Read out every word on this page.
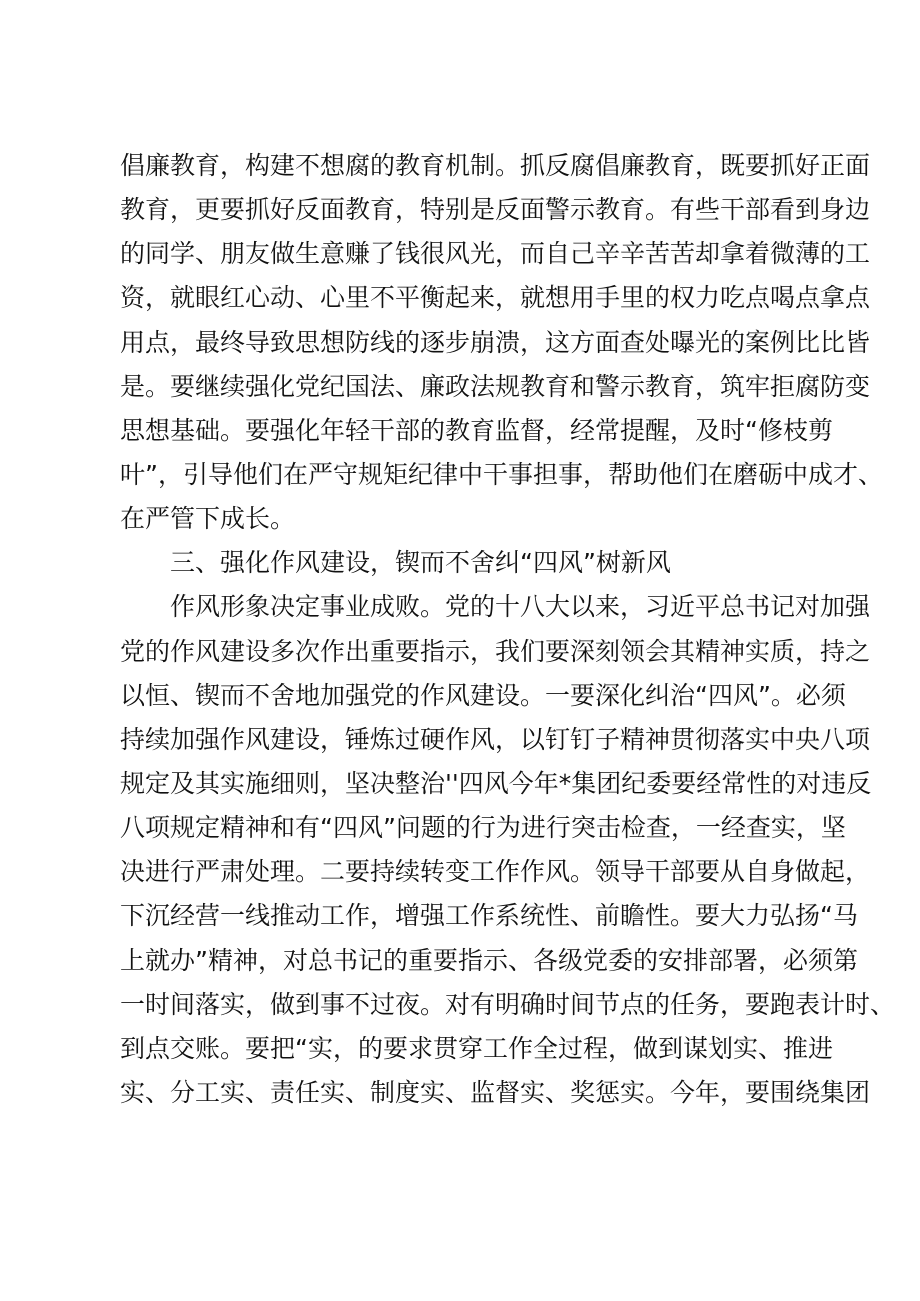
倡廉教育，构建不想腐的教育机制。抓反腐倡廉教育，既要抓好正面
教育，更要抓好反面教育，特别是反面警示教育。有些干部看到身边
的同学、朋友做生意赚了钱很风光，而自己辛辛苦苦却拿着微薄的工
资，就眼红心动、心里不平衡起来，就想用手里的权力吃点喝点拿点
用点，最终导致思想防线的逐步崩溃，这方面查处曝光的案例比比皆
是。要继续强化党纪国法、廉政法规教育和警示教育，筑牢拒腐防变
思想基础。要强化年轻干部的教育监督，经常提醒，及时“修枝剪
叶”，引导他们在严守规矩纪律中干事担事，帮助他们在磨砺中成才、
在严管下成长。
三、强化作风建设，锲而不舍纠“四风”树新风
作风形象决定事业成败。党的十八大以来，习近平总书记对加强
党的作风建设多次作出重要指示，我们要深刻领会其精神实质，持之
以恒、锲而不舍地加强党的作风建设。一要深化纠治“四风”。必须
持续加强作风建设，锤炼过硬作风，以钉钉子精神贯彻落实中央八项
规定及其实施细则，坚决整治''四风今年*集团纪委要经常性的对违反
八项规定精神和有“四风”问题的行为进行突击检查，一经查实，坚
决进行严肃处理。二要持续转变工作作风。领导干部要从自身做起，
下沉经营一线推动工作，增强工作系统性、前瞻性。要大力弘扬“马
上就办”精神，对总书记的重要指示、各级党委的安排部署，必须第
一时间落实，做到事不过夜。对有明确时间节点的任务，要跑表计时、
到点交账。要把“实，的要求贯穿工作全过程，做到谋划实、推进
实、分工实、责任实、制度实、监督实、奖惩实。今年，要围绕集团
